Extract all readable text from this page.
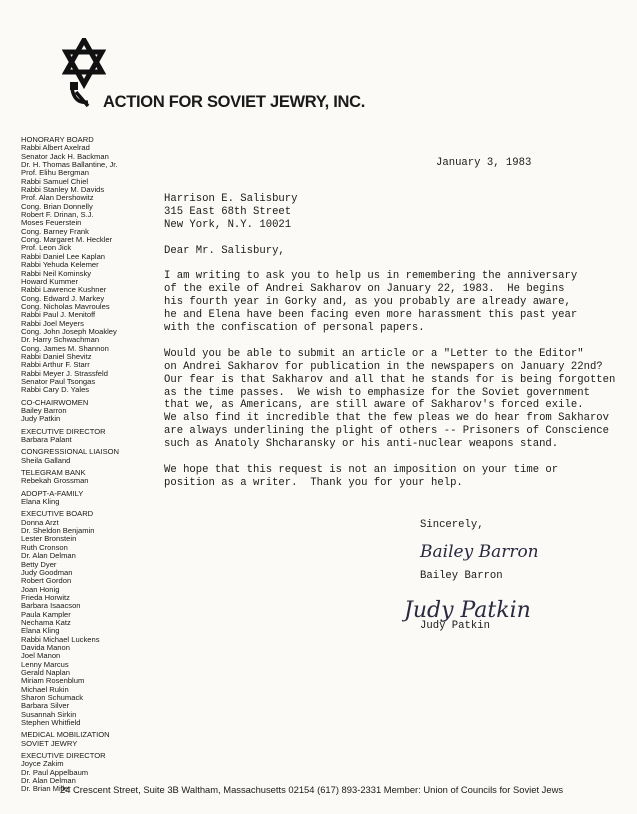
ACTION FOR SOVIET JEWRY, INC.
HONORARY BOARD
Rabbi Albert Axelrad
Senator Jack H. Backman
Dr. H. Thomas Ballantine, Jr.
Prof. Elihu Bergman
Rabbi Samuel Chiel
Rabbi Stanley M. Davids
Prof. Alan Dershowitz
Cong. Brian Donnelly
Robert F. Drinan, S.J.
Moses Feuerstein
Cong. Barney Frank
Cong. Margaret M. Heckler
Prof. Leon Jick
Rabbi Daniel Lee Kaplan
Rabbi Yehuda Kelemer
Rabbi Neil Kominsky
Howard Kummer
Rabbi Lawrence Kushner
Cong. Edward J. Markey
Cong. Nicholas Mavroules
Rabbi Paul J. Menitoff
Rabbi Joel Meyers
Cong. John Joseph Moakley
Dr. Harry Schwachman
Cong. James M. Shannon
Rabbi Daniel Shevitz
Rabbi Arthur F. Starr
Rabbi Meyer J. Strassfeld
Senator Paul Tsongas
Rabbi Cary D. Yales
CO-CHAIRWOMEN
Bailey Barron
Judy Patkin
EXECUTIVE DIRECTOR
Barbara Palant
CONGRESSIONAL LIAISON
Sheila Galland
TELEGRAM BANK
Rebekah Grossman
ADOPT-A-FAMILY
Elana Kling
EXECUTIVE BOARD
Donna Arzt
Dr. Sheldon Benjamin
Lester Bronstein
Ruth Cronson
Dr. Alan Delman
Betty Dyer
Judy Goodman
Robert Gordon
Joan Honig
Frieda Horwitz
Barbara Isaacson
Paula Kampler
Nechama Katz
Elana Kling
Rabbi Michael Luckens
Davida Manon
Joel Manon
Lenny Marcus
Gerald Naplan
Miriam Rosenblum
Michael Rukin
Sharon Schumack
Barbara Silver
Susannah Sirkin
Stephen Whitfield
MEDICAL MOBILIZATION
SOVIET JEWRY
EXECUTIVE DIRECTOR
Joyce Zakim
Dr. Paul Appelbaum
Dr. Alan Delman
Dr. Brian Miller
January 3, 1983
Harrison E. Salisbury
315 East 68th Street
New York, N.Y. 10021
Dear Mr. Salisbury,
I am writing to ask you to help us in remembering the anniversary
of the exile of Andrei Sakharov on January 22, 1983.  He begins
his fourth year in Gorky and, as you probably are already aware,
he and Elena have been facing even more harassment this past year
with the confiscation of personal papers.
Would you be able to submit an article or a "Letter to the Editor"
on Andrei Sakharov for publication in the newspapers on January 22nd?
Our fear is that Sakharov and all that he stands for is being forgotten
as the time passes.  We wish to emphasize for the Soviet government
that we, as Americans, are still aware of Sakharov's forced exile.
We also find it incredible that the few pleas we do hear from Sakharov
are always underlining the plight of others -- Prisoners of Conscience
such as Anatoly Shcharansky or his anti-nuclear weapons stand.
We hope that this request is not an imposition on your time or
position as a writer.  Thank you for your help.
Sincerely,
Bailey Barron
Bailey Barron
Judy Patkin
Judy Patkin
24 Crescent Street, Suite 3B Waltham, Massachusetts 02154 (617) 893-2331 Member: Union of Councils for Soviet Jews
